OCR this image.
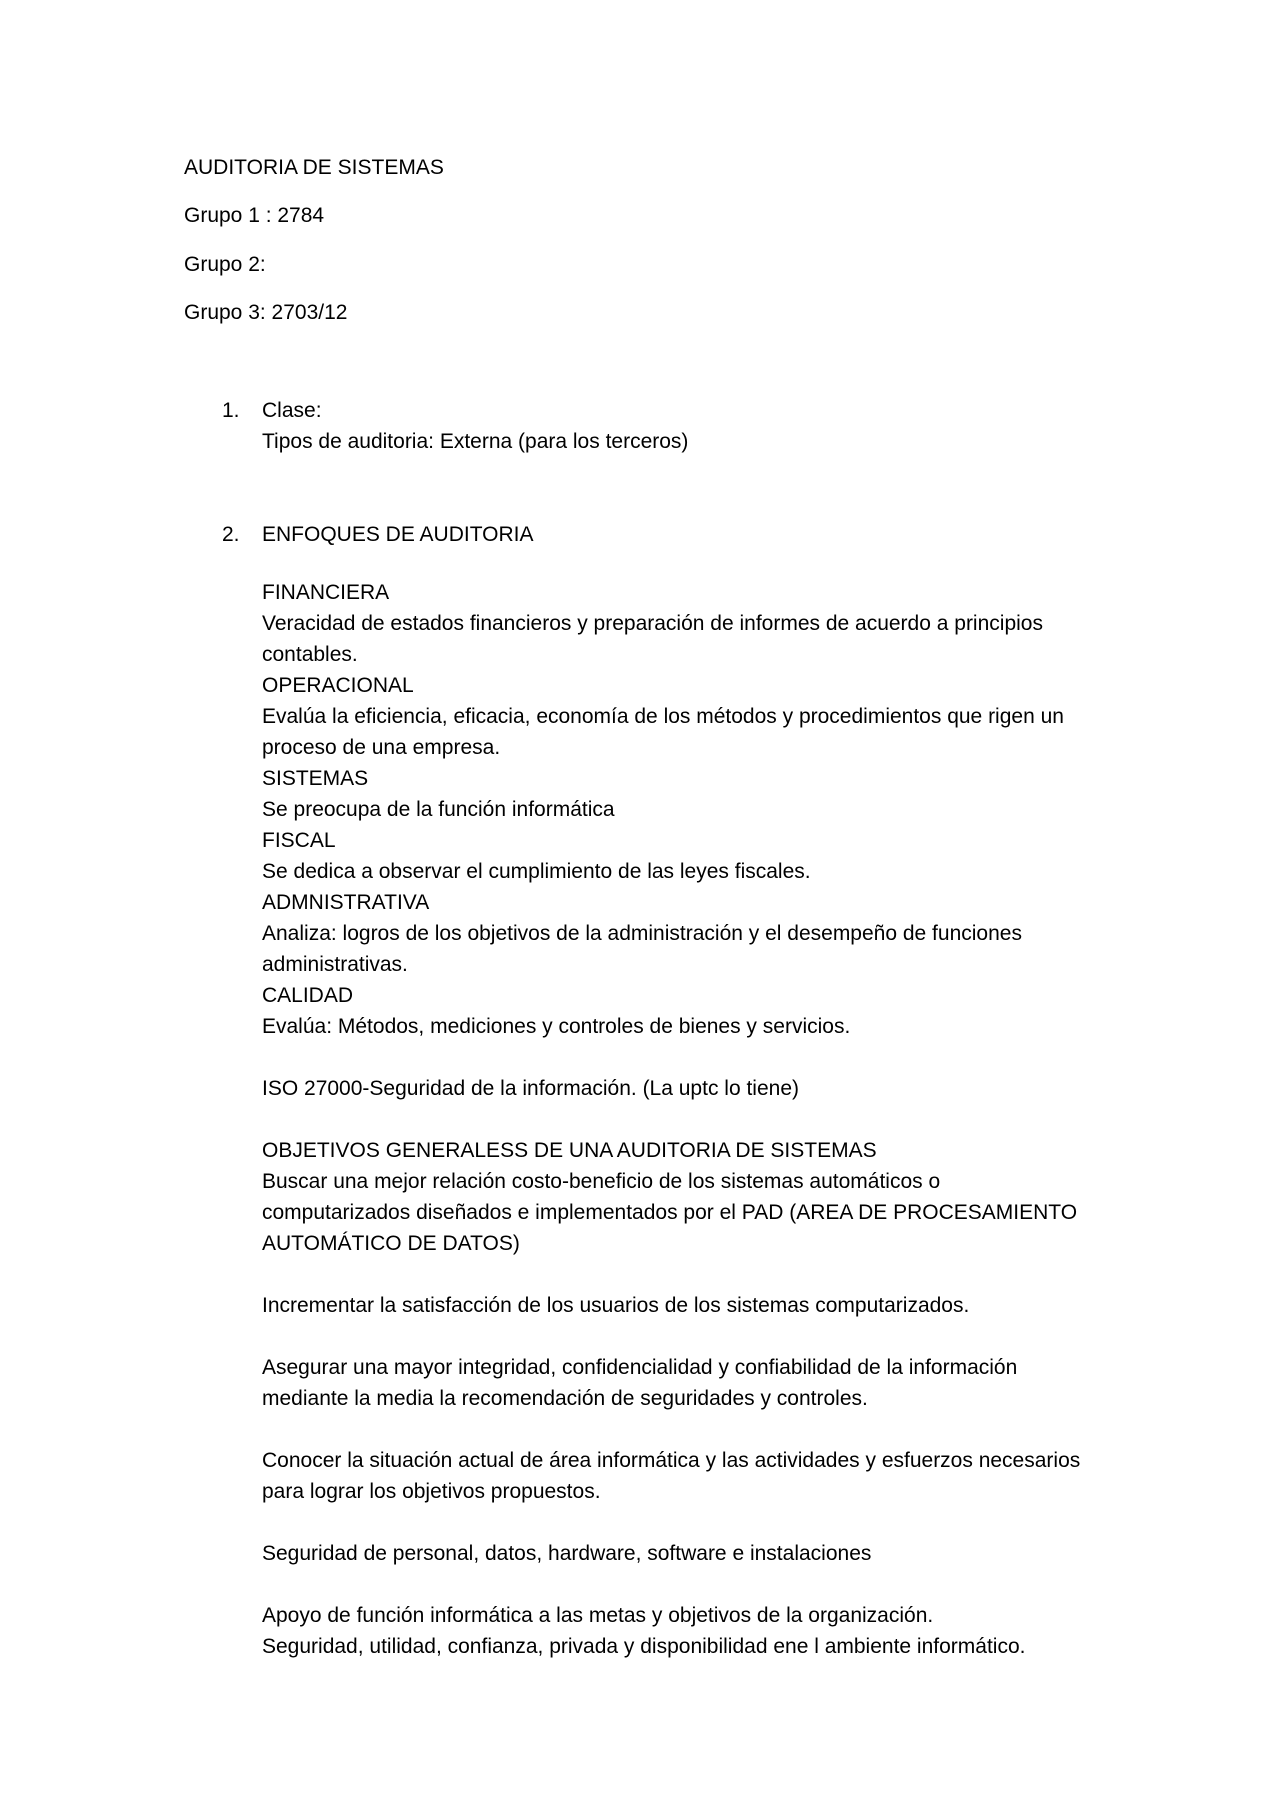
AUDITORIA DE SISTEMAS
Grupo 1 : 2784
Grupo 2:
Grupo 3: 2703/12
1. Clase:
Tipos de auditoria: Externa (para los terceros)
2. ENFOQUES DE AUDITORIA
FINANCIERA
Veracidad de estados financieros y preparación de informes de acuerdo a principios
contables.
OPERACIONAL
Evalúa la eficiencia, eficacia, economía de los métodos y procedimientos que rigen un
proceso de una empresa.
SISTEMAS
Se preocupa de la función informática
FISCAL
Se dedica a observar el cumplimiento de las leyes fiscales.
ADMNISTRATIVA
Analiza: logros de los objetivos de la administración y el desempeño de funciones
administrativas.
CALIDAD
Evalúa: Métodos, mediciones y controles de bienes y servicios.
ISO 27000-Seguridad de la información. (La uptc lo tiene)
OBJETIVOS GENERALESS DE UNA AUDITORIA DE SISTEMAS
Buscar una mejor relación costo-beneficio de los sistemas automáticos o
computarizados diseñados e implementados por el PAD (AREA DE PROCESAMIENTO
AUTOMÁTICO DE DATOS)
Incrementar la satisfacción de los usuarios de los sistemas computarizados.
Asegurar una mayor integridad, confidencialidad y confiabilidad de la información
mediante la media la recomendación de seguridades y controles.
Conocer la situación actual de área informática y las actividades y esfuerzos necesarios
para lograr los objetivos propuestos.
Seguridad de personal, datos, hardware, software e instalaciones
Apoyo de función informática a las metas y objetivos de la organización.
Seguridad, utilidad, confianza, privada y disponibilidad ene l ambiente informático.
